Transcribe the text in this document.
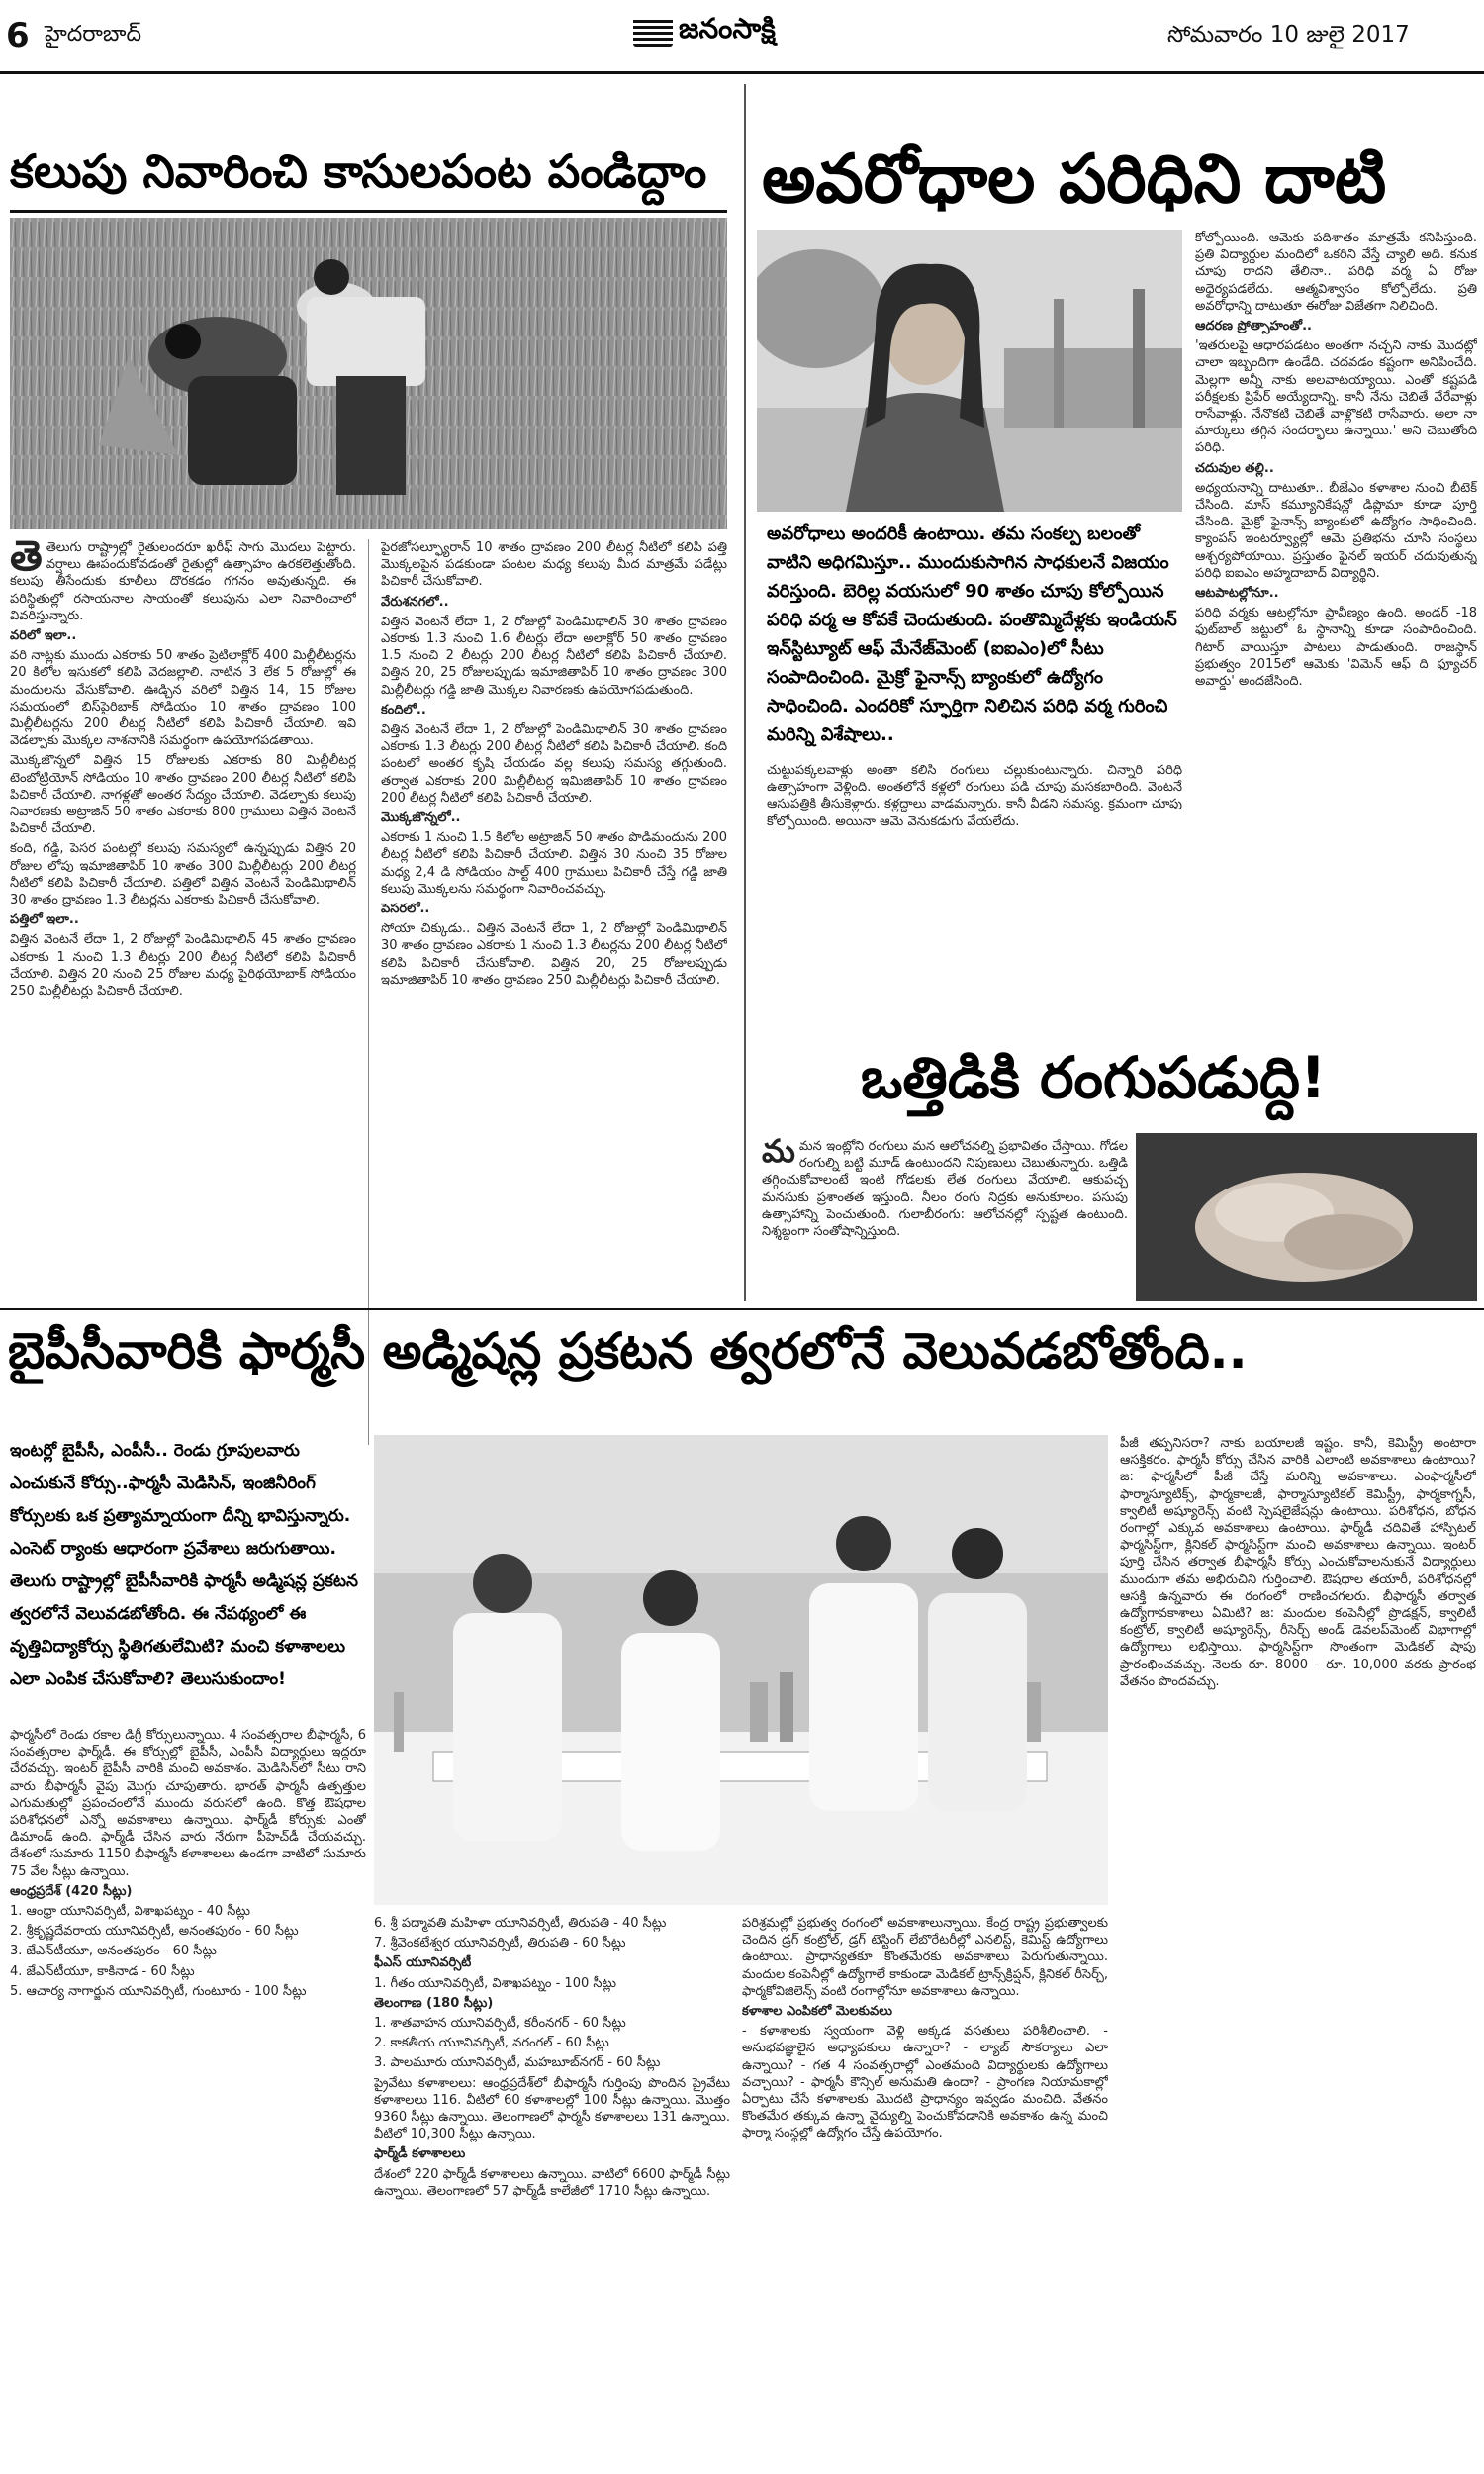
6 హైదరాబాద్	జనంసాక్షి	సోమవారం 10 జులై 2017
కలుపు నివారించి కాసులపంట పండిద్దాం

తెతెలుగు రాష్ట్రాల్లో రైతులందరూ ఖరీఫ్ సాగు మొదలు పెట్టారు. వర్షాలు ఊపందుకోవడంతో రైతుల్లో ఉత్సాహం ఉరకలెత్తుతోంది. కలుపు తీసేందుకు కూలీలు దొరకడం గగనం అవుతున్నది. ఈ పరిస్థితుల్లో రసాయనాల సాయంతో కలుపును ఎలా నివారించాలో వివరిస్తున్నారు.

వరిలో ఇలా..

వరి నాట్లకు ముందు ఎకరాకు 50 శాతం ప్రెటిలాక్లోర్ 400 మిల్లీలీటర్లను 20 కిలోల ఇసుకలో కలిపి వెదజల్లాలి. నాటిన 3 లేక 5 రోజుల్లో ఈ మందులను వేసుకోవాలి. ఊడ్చిన వరిలో విత్తిన 14, 15 రోజుల సమయంలో బిస్‌పైరిబాక్ సోడియం 10 శాతం ద్రావణం 100 మిల్లీలీటర్లను 200 లీటర్ల నీటిలో కలిపి పిచికారీ చేయాలి. ఇవి వెడల్పాకు మొక్కల నాశనానికి సమర్థంగా ఉపయోగపడతాయి.

మొక్కజొన్నలో విత్తిన 15 రోజులకు ఎకరాకు 80 మిల్లీలీటర్ల టెంబోట్రియోన్ సోడియం 10 శాతం ద్రావణం 200 లీటర్ల నీటిలో కలిపి పిచికారీ చేయాలి. నాగళ్లతో అంతర సేద్యం చేయాలి. వెడల్పాకు కలుపు నివారణకు అట్రాజిన్ 50 శాతం ఎకరాకు 800 గ్రాములు విత్తిన వెంటనే పిచికారీ చేయాలి.

కంది, గడ్డి, పెసర పంటల్లో కలుపు సమస్యలో ఉన్నప్పుడు విత్తిన 20 రోజుల లోపు ఇమాజితాపిర్ 10 శాతం 300 మిల్లీలీటర్లు 200 లీటర్ల నీటిలో కలిపి పిచికారీ చేయాలి. పత్తిలో విత్తిన వెంటనే పెండిమిథాలిన్ 30 శాతం ద్రావణం 1.3 లీటర్లను ఎకరాకు పిచికారీ చేసుకోవాలి.

పత్తిలో ఇలా..

విత్తిన వెంటనే లేదా 1, 2 రోజుల్లో పెండిమిథాలిన్ 45 శాతం ద్రావణం ఎకరాకు 1 నుంచి 1.3 లీటర్లు 200 లీటర్ల నీటిలో కలిపి పిచికారీ చేయాలి. విత్తిన 20 నుంచి 25 రోజుల మధ్య పైరిథయోబాక్ సోడియం 250 మిల్లీలీటర్లు పిచికారీ చేయాలి.

పైరజోసల్ఫ్యూరాన్ 10 శాతం ద్రావణం 200 లీటర్ల నీటిలో కలిపి పత్తి మొక్కలపైన పడకుండా పంటల మధ్య కలుపు మీద మాత్రమే పడేట్లు పిచికారీ చేసుకోవాలి.

వేరుశనగలో..

విత్తిన వెంటనే లేదా 1, 2 రోజుల్లో పెండిమిథాలిన్ 30 శాతం ద్రావణం ఎకరాకు 1.3 నుంచి 1.6 లీటర్లు లేదా అలాక్లోర్ 50 శాతం ద్రావణం 1.5 నుంచి 2 లీటర్లు 200 లీటర్ల నీటిలో కలిపి పిచికారీ చేయాలి. విత్తిన 20, 25 రోజులప్పుడు ఇమాజితాపిర్ 10 శాతం ద్రావణం 300 మిల్లీలీటర్లు గడ్డి జాతి మొక్కల నివారణకు ఉపయోగపడుతుంది.

కందిలో..

విత్తిన వెంటనే లేదా 1, 2 రోజుల్లో పెండిమిథాలిన్ 30 శాతం ద్రావణం ఎకరాకు 1.3 లీటర్లు 200 లీటర్ల నీటిలో కలిపి పిచికారీ చేయాలి. కంది పంటలో అంతర కృషి చేయడం వల్ల కలుపు సమస్య తగ్గుతుంది. తర్వాత ఎకరాకు 200 మిల్లీలీటర్ల ఇమిజితాపిర్‌ 10 శాతం ద్రావణం 200 లీటర్ల నీటిలో కలిపి పిచికారీ చేయాలి.

మొక్కజొన్నలో..

ఎకరాకు 1 నుంచి 1.5 కిలోల అట్రాజిన్ 50 శాతం పొడిమందును 200 లీటర్ల నీటిలో కలిపి పిచికారీ చేయాలి. విత్తిన 30 నుంచి 35 రోజుల మధ్య 2,4 డి సోడియం సాల్ట్ 400 గ్రాములు పిచికారీ చేస్తే గడ్డి జాతి కలుపు మొక్కలను సమర్థంగా నివారించవచ్చు.

పెసరలో..

సోయా చిక్కుడు.. విత్తిన వెంటనే లేదా 1, 2 రోజుల్లో పెండిమిథాలిన్ 30 శాతం ద్రావణం ఎకరాకు 1 నుంచి 1.3 లీటర్లను 200 లీటర్ల నీటిలో కలిపి పిచికారీ చేసుకోవాలి. విత్తిన 20, 25 రోజులప్పుడు ఇమాజితాపిర్ 10 శాతం ద్రావణం 250 మిల్లీలీటర్లు పిచికారీ చేయాలి.

అవరోధాల పరిధిని దాటి
అవరోధాలు అందరికీ ఉంటాయి. తమ సంకల్ప బలంతో వాటిని అధిగమిస్తూ.. ముందుకుసాగిన సాధకులనే విజయం వరిస్తుంది. బెరిల్ల వయసులో 90 శాతం చూపు కోల్పోయిన పరిధి వర్మ ఆ కోవకే చెందుతుంది. పంతొమ్మిదేళ్లకు ఇండియన్ ఇన్‌స్టిట్యూట్ ఆఫ్ మేనేజ్‌మెంట్ (ఐఐఎం)లో సీటు సంపాదించింది. మైక్రో ఫైనాన్స్ బ్యాంకులో ఉద్యోగం సాధించింది. ఎందరికో స్ఫూర్తిగా నిలిచిన పరిధి వర్మ గురించి మరిన్ని విశేషాలు..
చుట్టుపక్కలవాళ్లు అంతా కలిసి రంగులు చల్లుకుంటున్నారు. చిన్నారి పరిధి ఉత్సాహంగా వెళ్లింది. అంతలోనే కళ్లలో రంగులు పడి చూపు మసకబారింది. వెంటనే ఆసుపత్రికి తీసుకెళ్లారు. కళ్లద్దాలు వాడమన్నారు. కానీ వీడని సమస్య. క్రమంగా చూపు కోల్పోయింది. అయినా ఆమె వెనుకడుగు వేయలేదు.

కోల్పోయింది. ఆమెకు పదిశాతం మాత్రమే కనిపిస్తుంది. ప్రతి విద్యార్థుల మందిలో ఒకరిని వేస్తే చ్యాలి అది. కనుక చూపు రాదని తేలినా.. పరిధి వర్మ ఏ రోజు అధైర్యపడలేదు. ఆత్మవిశ్వాసం కోల్పోలేదు. ప్రతి అవరోధాన్ని దాటుతూ ఈరోజు విజేతగా నిలిచింది.

ఆదరణ ప్రోత్సాహంతో..

'ఇతరులపై ఆధారపడటం అంతగా నచ్చని నాకు మొదట్లో చాలా ఇబ్బందిగా ఉండేది. చదవడం కష్టంగా అనిపించేది. మెల్లగా అన్నీ నాకు అలవాటయ్యాయి. ఎంతో కష్టపడి పరీక్షలకు ప్రిపేర్ అయ్యేదాన్ని. కానీ నేను చెబితే వేరేవాళ్లు రాసేవాళ్లు. నేనొకటి చెబితే వాళ్లొకటి రాసేవారు. అలా నా మార్కులు తగ్గిన సందర్భాలు ఉన్నాయి.' అని చెబుతోంది పరిధి.

చదువుల తల్లి..

అధ్యయనాన్ని దాటుతూ.. బీజేఎం కళాశాల నుంచి బీటెక్ చేసింది. మాస్ కమ్యూనికేషన్లో డిప్లొమా కూడా పూర్తి చేసింది. మైక్రో ఫైనాన్స్ బ్యాంకులో ఉద్యోగం సాధించింది. క్యాంపస్ ఇంటర్వ్యూల్లో ఆమె ప్రతిభను చూసి సంస్థలు ఆశ్చర్యపోయాయి. ప్రస్తుతం ఫైనల్ ఇయర్ చదువుతున్న పరిధి ఐఐఎం అహ్మదాబాద్ విద్యార్థిని.

ఆటపాటల్లోనూ..

పరిధి వర్మకు ఆటల్లోనూ ప్రావీణ్యం ఉంది. అండర్ -18 ఫుట్‌బాల్ జట్టులో ఓ స్థానాన్ని కూడా సంపాదించింది. గిటార్ వాయిస్తూ పాటలు పాడుతుంది. రాజస్థాన్ ప్రభుత్వం 2015లో ఆమెకు 'విమెన్ ఆఫ్ ది ఫ్యూచర్ అవార్డు' అందజేసింది.

ఒత్తిడికి రంగుపడుద్ది!

మమన ఇంట్లోని రంగులు మన ఆలోచనల్ని ప్రభావితం చేస్తాయి. గోడల రంగుల్ని బట్టి మూడ్ ఉంటుందని నిపుణులు చెబుతున్నారు. ఒత్తిడి తగ్గించుకోవాలంటే ఇంటి గోడలకు లేత రంగులు వేయాలి. ఆకుపచ్చ మనసుకు ప్రశాంతత ఇస్తుంది. నీలం రంగు నిద్రకు అనుకూలం. పసుపు ఉత్సాహాన్ని పెంచుతుంది. గులాబీరంగు: ఆలోచనల్లో స్పష్టత ఉంటుంది. నిశ్శబ్దంగా సంతోషాన్నిస్తుంది.

బైపీసీవారికి ఫార్మసీ అడ్మిషన్ల ప్రకటన త్వరలోనే వెలువడబోతోంది..
ఇంటర్లో బైపీసీ, ఎంపీసీ.. రెండు గ్రూపులవారు ఎంచుకునే కోర్సు..ఫార్మసీ మెడిసిన్, ఇంజినీరింగ్ కోర్సులకు ఒక ప్రత్యామ్నాయంగా దీన్ని భావిస్తున్నారు. ఎంసెట్ ర్యాంకు ఆధారంగా ప్రవేశాలు జరుగుతాయి. తెలుగు రాష్ట్రాల్లో బైపీసీవారికి ఫార్మసీ అడ్మిషన్ల ప్రకటన త్వరలోనే వెలువడబోతోంది. ఈ నేపథ్యంలో ఈ వృత్తివిద్యాకోర్సు స్థితిగతులేమిటి? మంచి కళాశాలలు ఎలా ఎంపిక చేసుకోవాలి? తెలుసుకుందాం!

ఫార్మసీలో రెండు రకాల డిగ్రీ కోర్సులున్నాయి. 4 సంవత్సరాల బీఫార్మసీ, 6 సంవత్సరాల ఫార్మ్‌డీ. ఈ కోర్సుల్లో బైపీసీ, ఎంపీసీ విద్యార్థులు ఇద్దరూ చేరవచ్చు. ఇంటర్ బైపీసీ వారికి మంచి అవకాశం. మెడిసిన్‌లో సీటు రాని వారు బీఫార్మసీ వైపు మొగ్గు చూపుతారు. భారత్ ఫార్మసీ ఉత్పత్తుల ఎగుమతుల్లో ప్రపంచంలోనే ముందు వరుసలో ఉంది. కొత్త ఔషధాల పరిశోధనలో ఎన్నో అవకాశాలు ఉన్నాయి. ఫార్మ్‌డీ కోర్సుకు ఎంతో డిమాండ్ ఉంది. ఫార్మ్‌డీ చేసిన వారు నేరుగా పీహెచ్‌డీ చేయవచ్చు. దేశంలో సుమారు 1150 బీఫార్మసీ కళాశాలలు ఉండగా వాటిలో సుమారు 75 వేల సీట్లు ఉన్నాయి.

ఆంధ్రప్రదేశ్ (420 సీట్లు)

1. ఆంధ్రా యూనివర్సిటీ, విశాఖపట్నం - 40 సీట్లు

2. శ్రీకృష్ణదేవరాయ యూనివర్సిటీ, అనంతపురం - 60 సీట్లు

3. జేఎన్‌టీయూ, అనంతపురం - 60 సీట్లు

4. జేఎన్‌టీయూ, కాకినాడ - 60 సీట్లు

5. ఆచార్య నాగార్జున యూనివర్సిటీ, గుంటూరు - 100 సీట్లు

6. శ్రీ పద్మావతి మహిళా యూనివర్సిటీ, తిరుపతి - 40 సీట్లు

7. శ్రీవెంకటేశ్వర యూనివర్సిటీ, తిరుపతి - 60 సీట్లు

ఫీఎస్ యూనివర్సిటీ

1. గీతం యూనివర్సిటీ, విశాఖపట్నం - 100 సీట్లు

తెలంగాణ (180 సీట్లు)

1. శాతవాహన యూనివర్సిటీ, కరీంనగర్ - 60 సీట్లు

2. కాకతీయ యూనివర్సిటీ, వరంగల్ - 60 సీట్లు

3. పాలమూరు యూనివర్సిటీ, మహబూబ్‌నగర్ - 60 సీట్లు

ప్రైవేటు కళాశాలలు: ఆంధ్రప్రదేశ్‌లో బీఫార్మసీ గుర్తింపు పొందిన ప్రైవేటు కళాశాలలు 116. వీటిలో 60 కళాశాలల్లో 100 సీట్లు ఉన్నాయి. మొత్తం 9360 సీట్లు ఉన్నాయి. తెలంగాణలో ఫార్మసీ కళాశాలలు 131 ఉన్నాయి. వీటిలో 10,300 సీట్లు ఉన్నాయి.

ఫార్మ్‌డీ కళాశాలలు

దేశంలో 220 ఫార్మ్‌డీ కళాశాలలు ఉన్నాయి. వాటిలో 6600 ఫార్మ్‌డీ సీట్లు ఉన్నాయి. తెలంగాణలో 57 ఫార్మ్‌డీ కాలేజీలో 1710 సీట్లు ఉన్నాయి.

పరిశ్రమల్లో ప్రభుత్వ రంగంలో అవకాశాలున్నాయి. కేంద్ర రాష్ట్ర ప్రభుత్వాలకు చెందిన డ్రగ్ కంట్రోల్, డ్రగ్ టెస్టింగ్ లేబొరేటరీల్లో ఎనలిస్ట్, కెమిస్ట్ ఉద్యోగాలు ఉంటాయి. ప్రాధాన్యతకూ కొంతమేరకు అవకాశాలు పెరుగుతున్నాయి. మందుల కంపెనీల్లో ఉద్యోగాలే కాకుండా మెడికల్ ట్రాన్స్‌క్రిప్షన్, క్లినికల్ రీసెర్చ్, ఫార్మకోవిజిలెన్స్ వంటి రంగాల్లోనూ అవకాశాలు ఉన్నాయి.

కళాశాల ఎంపికలో మెలకువలు

- కళాశాలకు స్వయంగా వెళ్లి అక్కడ వసతులు పరిశీలించాలి. - అనుభవజ్ఞులైన అధ్యాపకులు ఉన్నారా? - ల్యాబ్ సౌకర్యాలు ఎలా ఉన్నాయి? - గత 4 సంవత్సరాల్లో ఎంతమంది విద్యార్థులకు ఉద్యోగాలు వచ్చాయి? - ఫార్మసీ కౌన్సిల్ అనుమతి ఉందా? - ప్రాంగణ నియామకాల్లో ఏర్పాటు చేసే కళాశాలకు మొదటి ప్రాధాన్యం ఇవ్వడం మంచిది. వేతనం కొంతమేర తక్కువ ఉన్నా వైద్యుల్ని పెంచుకోవడానికి అవకాశం ఉన్న మంచి ఫార్మా సంస్థల్లో ఉద్యోగం చేస్తే ఉపయోగం.

పీజీ తప్పనిసరా? నాకు బయాలజీ ఇష్టం. కానీ, కెమిస్ట్రీ అంటారా ఆసక్తికరం. ఫార్మసీ కోర్సు చేసిన వారికి ఎలాంటి అవకాశాలు ఉంటాయి? జ: ఫార్మసీలో పీజీ చేస్తే మరిన్ని అవకాశాలు. ఎంఫార్మసీలో ఫార్మాస్యూటిక్స్, ఫార్మకాలజీ, ఫార్మాస్యూటికల్ కెమిస్ట్రీ, ఫార్మకాగ్నసీ, క్వాలిటీ అష్యూరెన్స్ వంటి స్పెషలైజేషన్లు ఉంటాయి. పరిశోధన, బోధన రంగాల్లో ఎక్కువ అవకాశాలు ఉంటాయి. ఫార్మ్‌డీ చదివితే హాస్పిటల్ ఫార్మసిస్ట్‌గా, క్లినికల్ ఫార్మసిస్ట్‌గా మంచి అవకాశాలు ఉన్నాయి. ఇంటర్ పూర్తి చేసిన తర్వాత బీఫార్మసీ కోర్సు ఎంచుకోవాలనుకునే విద్యార్థులు ముందుగా తమ అభిరుచిని గుర్తించాలి. ఔషధాల తయారీ, పరిశోధనల్లో ఆసక్తి ఉన్నవారు ఈ రంగంలో రాణించగలరు. బీఫార్మసీ తర్వాత ఉద్యోగావకాశాలు ఏమిటి? జ: మందుల కంపెనీల్లో ప్రొడక్షన్, క్వాలిటీ కంట్రోల్, క్వాలిటీ అష్యూరెన్స్, రీసెర్చ్ అండ్ డెవలప్‌మెంట్ విభాగాల్లో ఉద్యోగాలు లభిస్తాయి. ఫార్మసిస్ట్‌గా సొంతంగా మెడికల్ షాపు ప్రారంభించవచ్చు. నెలకు రూ. 8000 - రూ. 10,000 వరకు ప్రారంభ వేతనం పొందవచ్చు.
